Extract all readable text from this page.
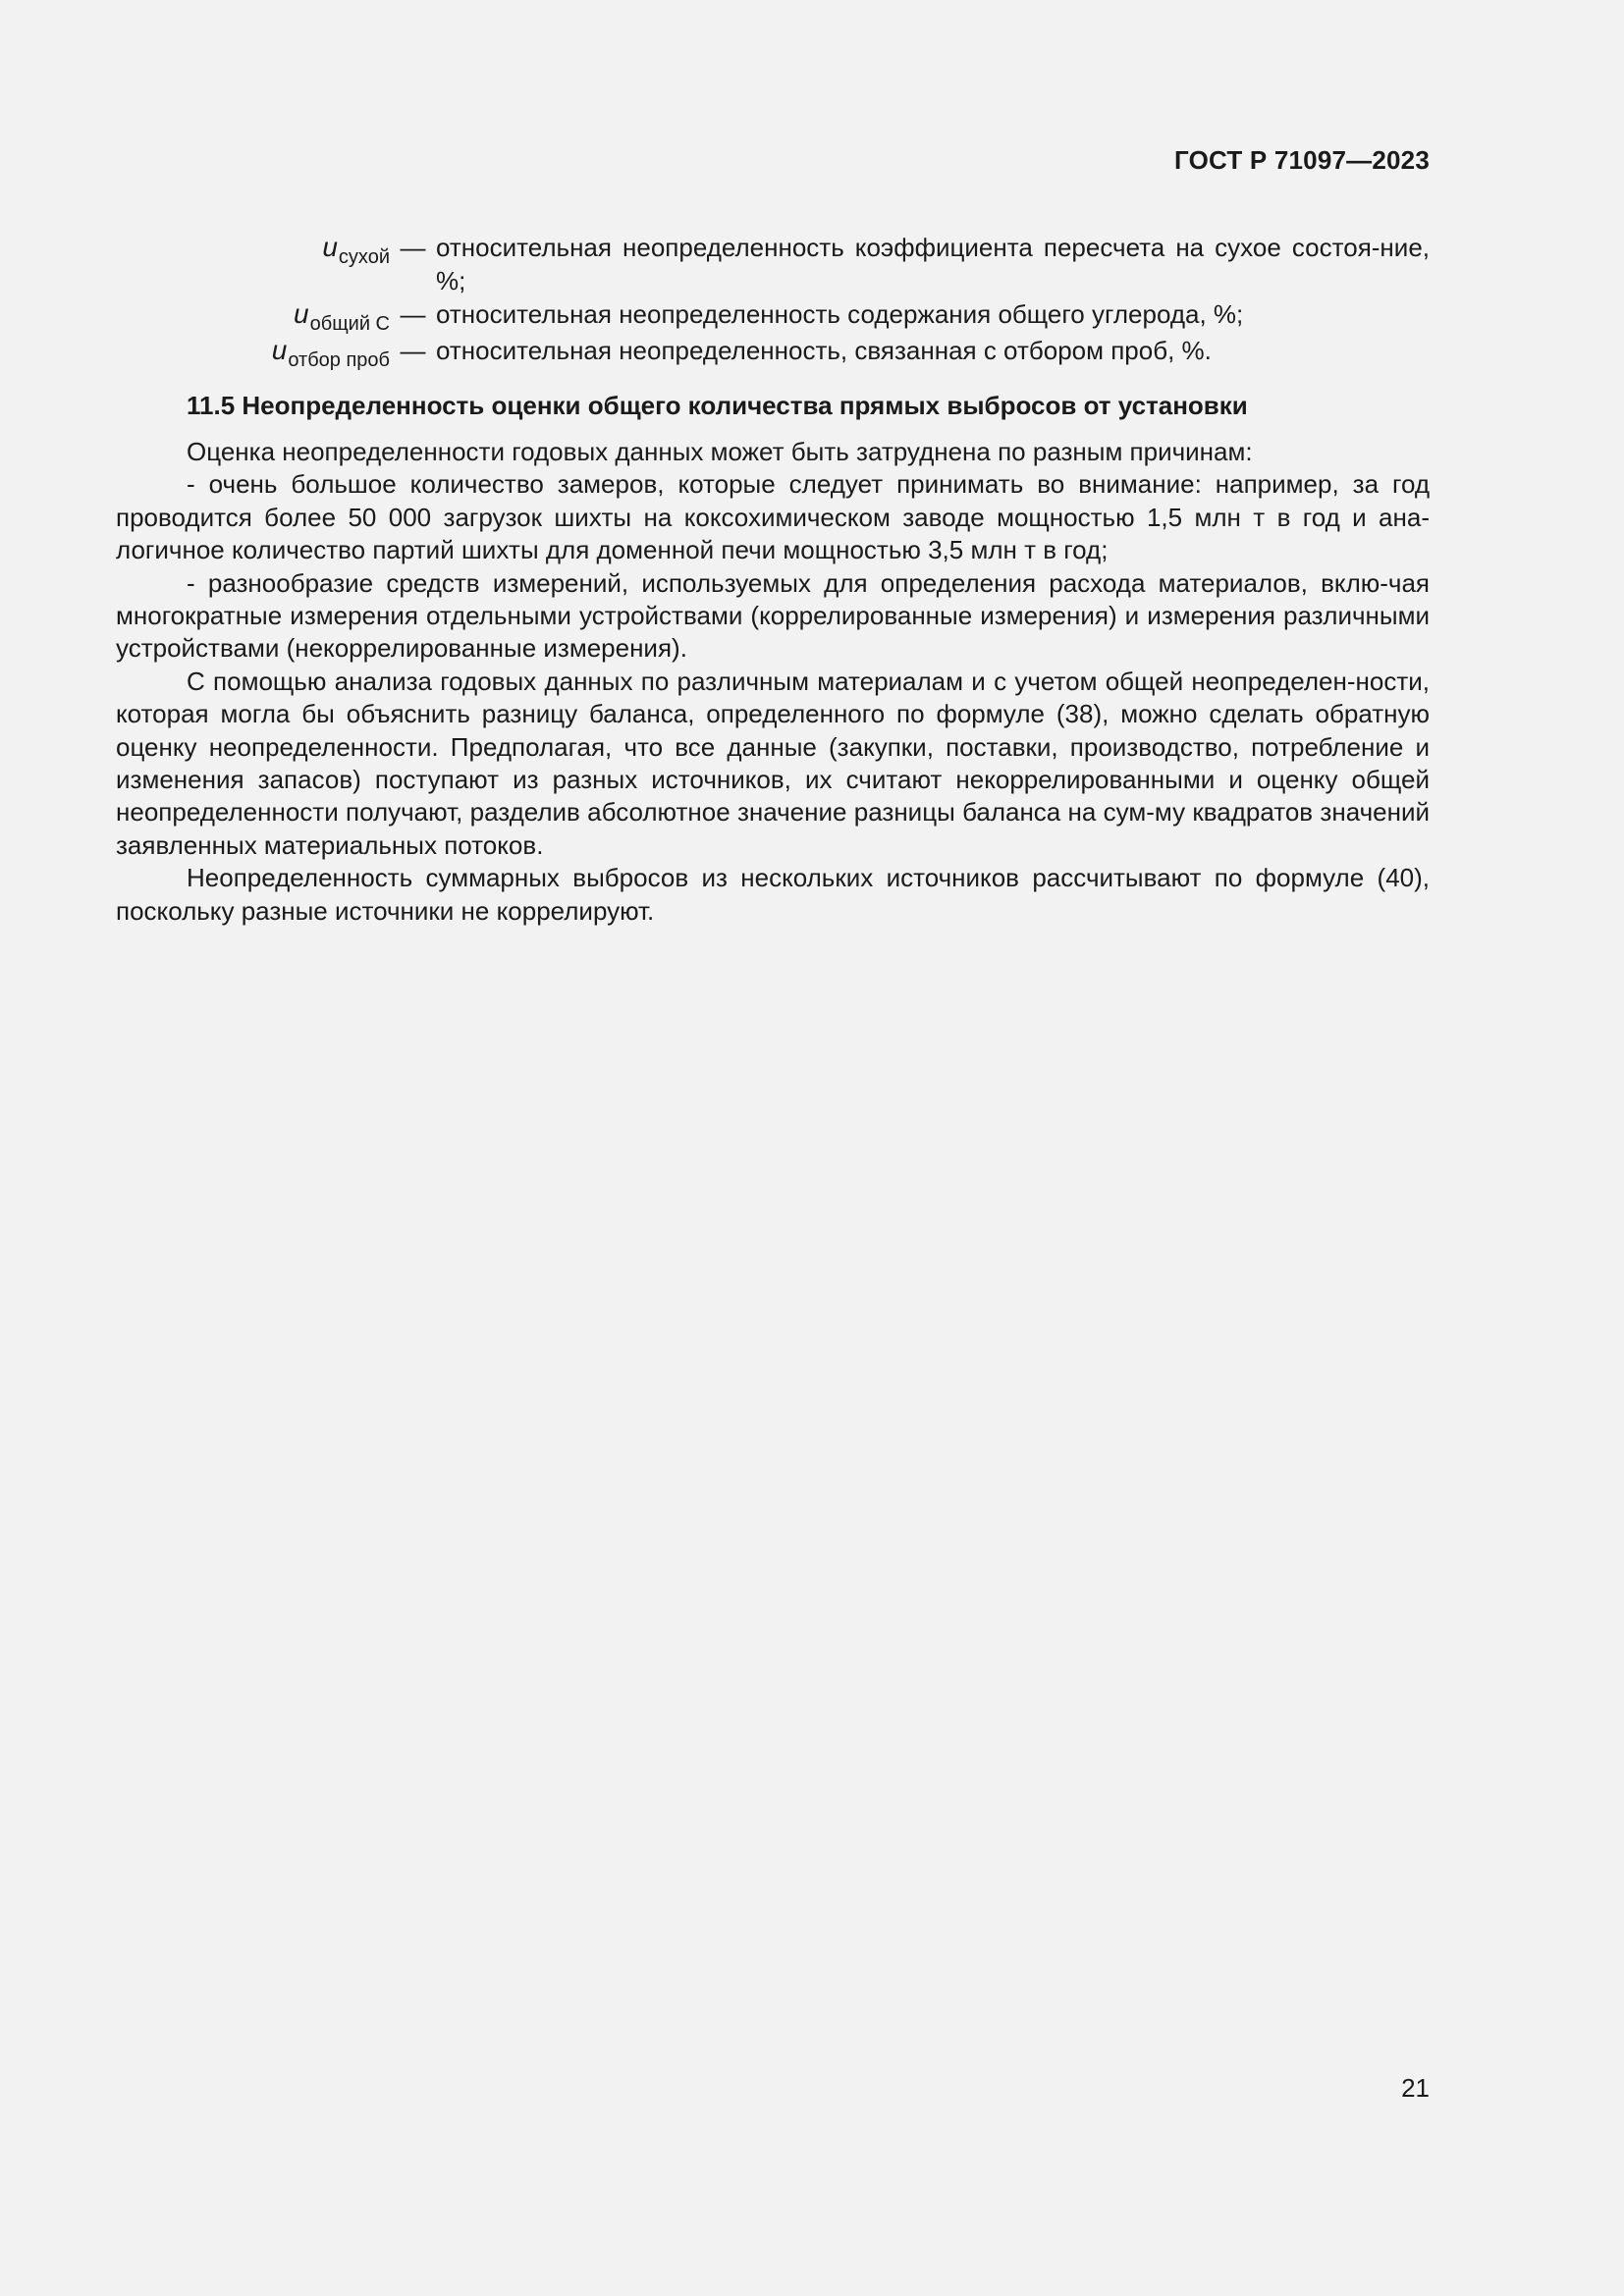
ГОСТ Р 71097—2023
$u_{сухой}$ — относительная неопределенность коэффициента пересчета на сухое состоя-ние, %;
$u_{общий C}$ — относительная неопределенность содержания общего углерода, %;
$u_{отбор проб}$ — относительная неопределенность, связанная с отбором проб, %.
11.5 Неопределенность оценки общего количества прямых выбросов от установки

Оценка неопределенности годовых данных может быть затруднена по разным причинам:

- очень большое количество замеров, которые следует принимать во внимание: например, за год проводится более 50 000 загрузок шихты на коксохимическом заводе мощностью 1,5 млн т в год и ана-логичное количество партий шихты для доменной печи мощностью 3,5 млн т в год;

- разнообразие средств измерений, используемых для определения расхода материалов, вклю-чая многократные измерения отдельными устройствами (коррелированные измерения) и измерения различными устройствами (некоррелированные измерения).

С помощью анализа годовых данных по различным материалам и с учетом общей неопределен-ности, которая могла бы объяснить разницу баланса, определенного по формуле (38), можно сделать обратную оценку неопределенности. Предполагая, что все данные (закупки, поставки, производство, потребление и изменения запасов) поступают из разных источников, их считают некоррелированными и оценку общей неопределенности получают, разделив абсолютное значение разницы баланса на сум-му квадратов значений заявленных материальных потоков.

Неопределенность суммарных выбросов из нескольких источников рассчитывают по формуле (40), поскольку разные источники не коррелируют.

21
